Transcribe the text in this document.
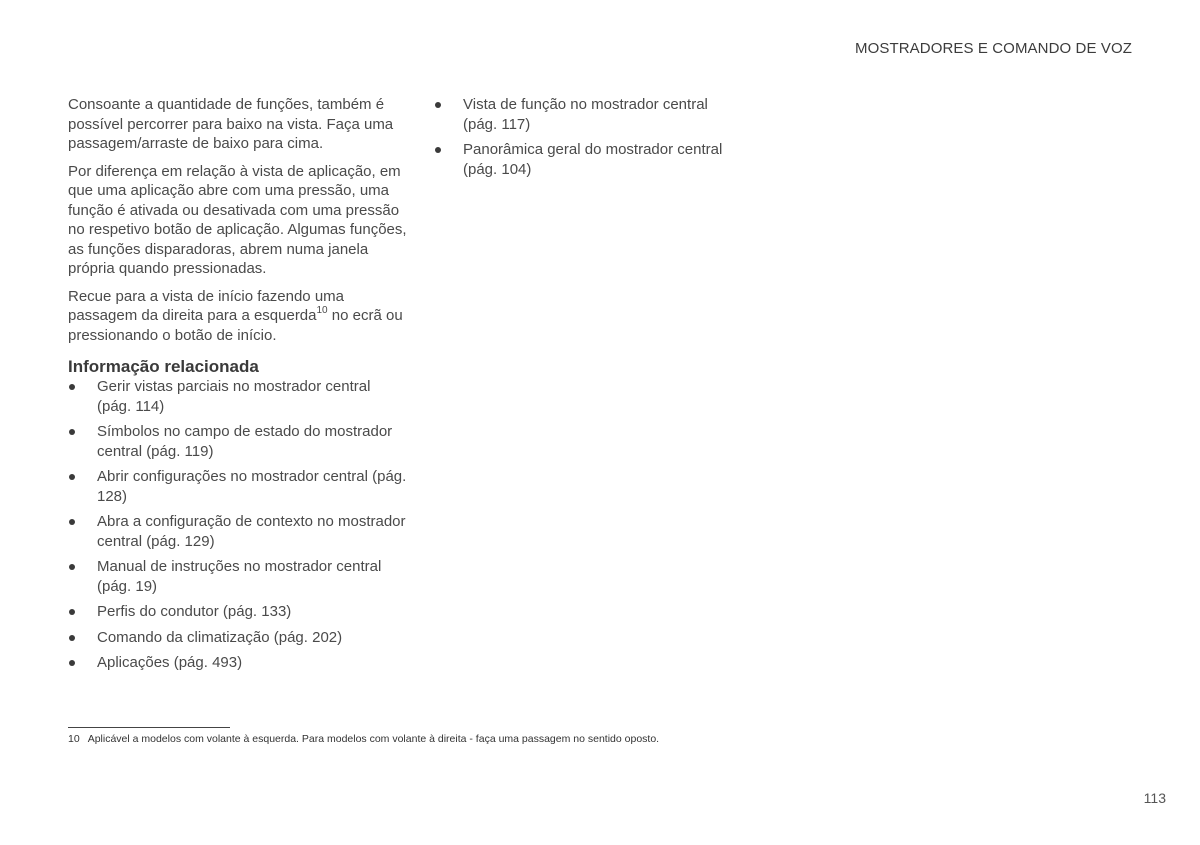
MOSTRADORES E COMANDO DE VOZ

Consoante a quantidade de funções, também é possível percorrer para baixo na vista. Faça uma passagem/arraste de baixo para cima.

Por diferença em relação à vista de aplicação, em que uma aplicação abre com uma pressão, uma função é ativada ou desativada com uma pressão no respetivo botão de aplicação. Algumas funções, as funções disparadoras, abrem numa janela própria quando pressionadas.

Recue para a vista de início fazendo uma passagem da direita para a esquerda$^{10}$ no ecrã ou pressionando o botão de início.

Informação relacionada
Gerir vistas parciais no mostrador central (pág. 114)
Símbolos no campo de estado do mostrador central (pág. 119)
Abrir configurações no mostrador central (pág. 128)
Abra a configuração de contexto no mostrador central (pág. 129)
Manual de instruções no mostrador central (pág. 19)
Perfis do condutor (pág. 133)
Comando da climatização (pág. 202)
Aplicações (pág. 493)
Vista de função no mostrador central (pág. 117)
Panorâmica geral do mostrador central (pág. 104)
10 Aplicável a modelos com volante à esquerda. Para modelos com volante à direita - faça uma passagem no sentido oposto.
113
